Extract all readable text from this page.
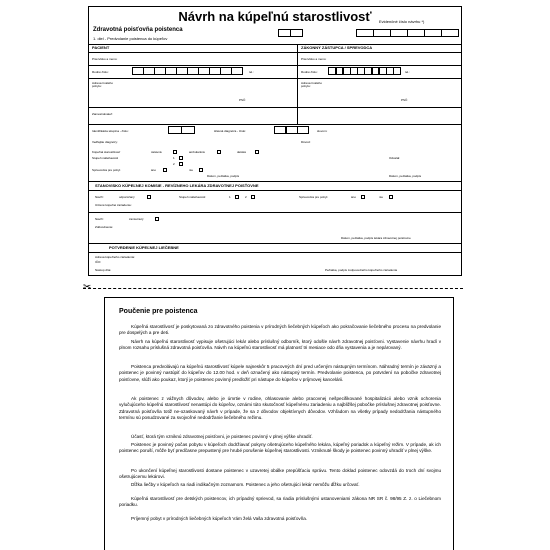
Návrh na kúpeľnú starostlivosť
Zdravotná poisťovňa poistenca
1. diel - Predvolanie poistenca do kúpeľov
Evidenčné číslo návrhu *)
PACIENT	ZÁKONNÝ ZÁSTUPCA / SPREVODCA
Priezvisko a meno:	Priezvisko a meno:
Rodné číslo:	tel.:	Rodné číslo:	tel.:
Adresa trvalého pobytu:
PSČ:
Adresa trvalého pobytu:
PSČ:
Zamestnávateľ:
Identifikácia skupina - číslo:	Hlavná diagnóza - číslo:	slovom:
Vedľajšie diagnózy:	Dôvod:
Kúpeľná starostlivosť	ústavná	ambulantná	detská
Stupeň naliehavosti	1
2
Sprievodca pre pobyt	áno	nie
Dátum, pečiatka, podpis
Odoslal:
Dátum, pečiatka, podpis
STANOVISKO KÚPEĽNEJ KOMISIE - REVÍZNEHO LEKÁRA ZDRAVOTNEJ POISŤOVNE
Návrh:	odporúčaný	Stupeň naliehavosti:	1	2	Sprievodca pre pobyt:	áno	nie
Určené kúpeľné zariadenie:
Návrh:	zamietnutý
Zdôvodnenie:
Dátum, pečiatka, podpis lekára zdravotnej poisťovne
POTVRDENIE KÚPEĽNEJ LIEČEBNE
Adresa kúpeľného zariadenia:
IČO:
Nástup dňa:	Pečiatka, podpis zodpovedného kúpeľného zariadenia
✂
Poučenie pre poistenca
Kúpeľná starostlivosť je poskytovaná zo zdravotného poistenia v prírodných liečebných kúpeľoch ako pokračovanie liečebného procesu na predvolanie pre dospelých a pre deti.
Návrh na kúpeľnú starostlivosť vypisuje ošetrujúci lekár alebo príslušný odborník, ktorý odošle návrh zdravotnej poisťovni. Vystavenie návrhu hradí v plnom rozsahu príslušná zdravotná poisťovňa. Návrh na kúpeľnú starostlivosť má platnosť tri mesiace odo dňa vystavenia a je nepárovaný.
Poistenca predvolávajú na kúpeľnú starostlivosť kúpele najneskôr 5 pracovných dní pred určeným nástupným termínom. Náhradný termín je záväzný a poistenec je povinný nastúpiť do kúpeľov do 12.00 hod. v deň označený ako nástupný termín. Predvolanie poistenca, po potvrdení na pobočke zdravotnej poisťovne, slúži ako poukaz, ktorý je poistenec povinný predložiť pri nástupe do kúpeľov v príjmovej kancelárii.
Ak poistenec z vážnych dôvodov, alebo je úmrtie v rodine, ohlasovanie alebo pracovnej nešpecifikované hospitalizácii alebo vznik ochorenia vylučujúceho kúpeľnú starostlivosť nenastúpi do kúpeľov, oznámi túto skutočnosť kúpeľnému zariadeniu a najbližšej pobočke príslušnej zdravotnej poisťovne. Zdravotná poisťovňa totiž ne-ozaskovaný návrh v prípade, že sa z dôvodov objektívnych dôvodov. Vzhľadom na všetky prípady nedodržania nástupného termínu sú posudzované za svojvoľné nedodržanie liečebného režimu.
Účasť, ktorá tým vzniknú zdravotnej poisťovni, je poistenec povinný v plnej výške uhradiť.
Poistenec je povinný počas pobytu v kúpeľoch dodržiavať pokyny ošetrujúceho kúpeľného lekára, kúpeľný poriadok a kúpeľný režim. V prípade, ak ich poistenec poruší, môže byť predčasne prepustený pre hrubé porušenie kúpeľnej starostlivosti. Vzniknuté škody je poistenec povinný uhradiť v plnej výške.
Po ukončení kúpeľnej starostlivosti dostane poistenec v uzavretej obálke prepúšťaciu správu. Tento doklad poistenec odovzdá do troch dní svojmu ošetrujúcemu lekárovi.
Dĺžka liečby v kúpeľoch sa riadi indikačným zoznamom. Poistenec a jeho ošetrujúci lekár nemôžu dĺžku určovať.
Kúpeľná starostlivosť pre detských poistencov, ich prípadný sprievod, sa riadia príslušnými ustanoveniami zákona NR SR č. 98/95 Z. z. o Liečebnom poriadku.
Príjemný pobyt v prírodných liečebných kúpeľoch Vám želá Vaša zdravotná poisťovňa.
